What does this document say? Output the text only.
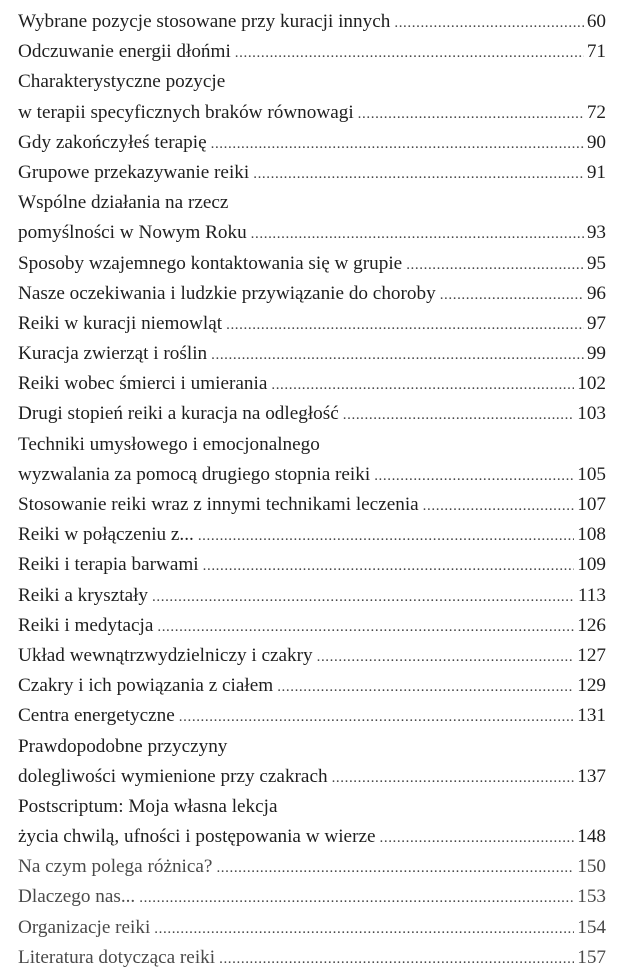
Wybrane pozycje stosowane przy kuracji innych .....	60
Odczuwanie energii dłońmi .....	71
Charakterystyczne pozycje
w terapii specyficznych braków równowagi .....	72
Gdy zakończyłeś terapię .....	90
Grupowe przekazywanie reiki .....	91
Wspólne działania na rzecz
pomyślności w Nowym Roku .....	93
Sposoby wzajemnego kontaktowania się w grupie .....	95
Nasze oczekiwania i ludzkie przywiązanie do choroby .....	96
Reiki w kuracji niemowląt .....	97
Kuracja zwierząt i roślin .....	99
Reiki wobec śmierci i umierania .....	102
Drugi stopień reiki a kuracja na odległość .....	103
Techniki umysłowego i emocjonalnego
wyzwalania za pomocą drugiego stopnia reiki .....	105
Stosowanie reiki wraz z innymi technikami leczenia .....	107
Reiki w połączeniu z... .....	108
Reiki i terapia barwami .....	109
Reiki a kryształy .....	113
Reiki i medytacja .....	126
Układ wewnątrzwydzielniczy i czakry .....	127
Czakry i ich powiązania z ciałem .....	129
Centra energetyczne .....	131
Prawdopodobne przyczyny
dolegliwości wymienione przy czakrach .....	137
Postscriptum: Moja własna lekcja
życia chwilą, ufności i postępowania w wierze .....	148
Na czym polega różnica? .....	150
Dlaczego nas... .....	153
Organizacje reiki .....	154
Literatura dotycząca reiki .....	157
